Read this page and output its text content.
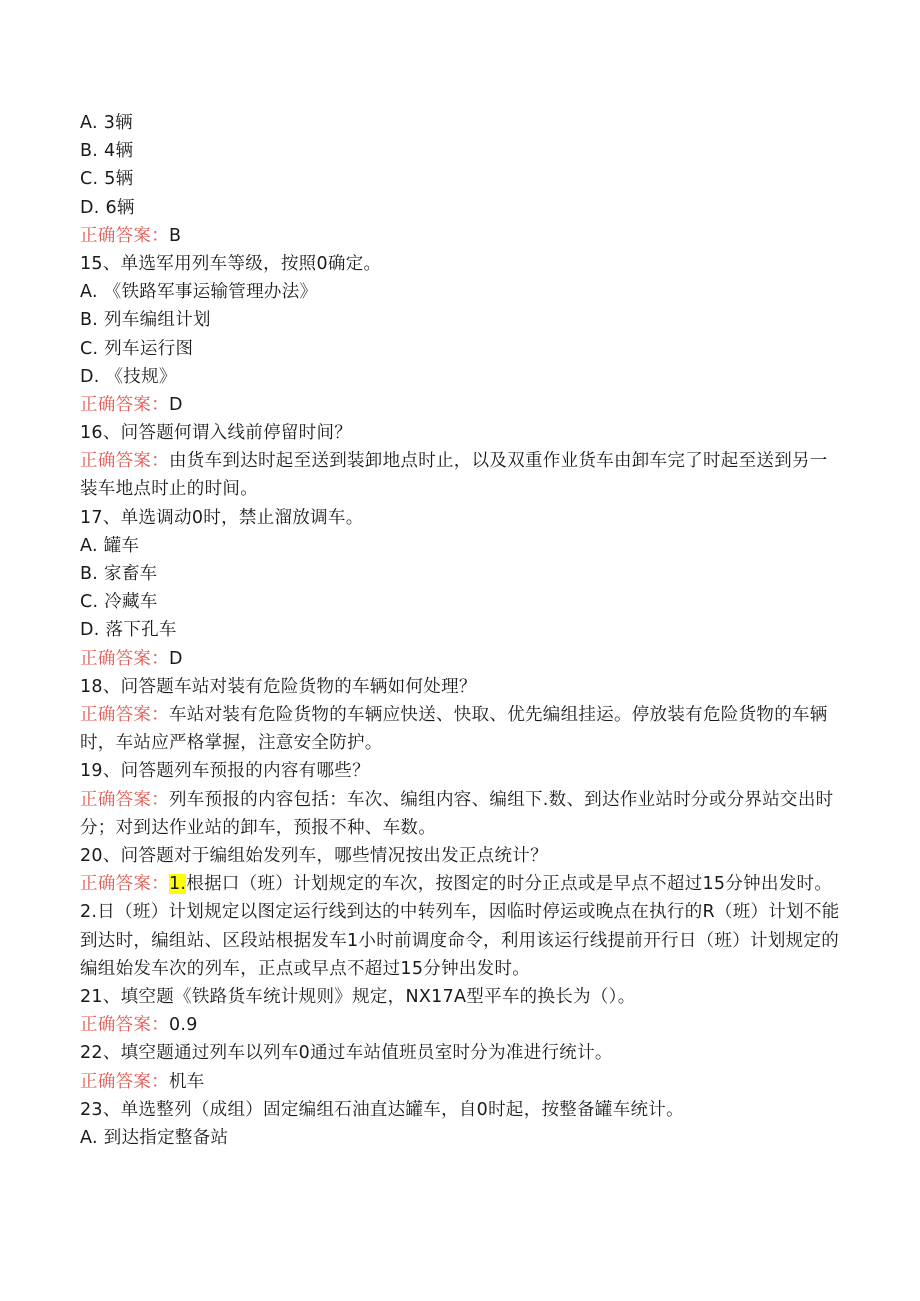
A. 3辆
B. 4辆
C. 5辆
D. 6辆
正确答案：B
15、单选军用列车等级，按照0确定。
A. 《铁路军事运输管理办法》
B. 列车编组计划
C. 列车运行图
D. 《技规》
正确答案：D
16、问答题何谓入线前停留时间？
正确答案：由货车到达时起至送到装卸地点时止，以及双重作业货车由卸车完了时起至送到另一装车地点时止的时间。
17、单选调动0时，禁止溜放调车。
A. 罐车
B. 家畜车
C. 冷藏车
D. 落下孔车
正确答案：D
18、问答题车站对装有危险货物的车辆如何处理？
正确答案：车站对装有危险货物的车辆应快送、快取、优先编组挂运。停放装有危险货物的车辆时，车站应严格掌握，注意安全防护。
19、问答题列车预报的内容有哪些？
正确答案：列车预报的内容包括：车次、编组内容、编组下.数、到达作业站时分或分界站交出时分；对到达作业站的卸车，预报不种、车数。
20、问答题对于编组始发列车，哪些情况按出发正点统计？
正确答案：1.根据口（班）计划规定的车次，按图定的时分正点或是早点不超过15分钟出发时。
2.日（班）计划规定以图定运行线到达的中转列车，因临时停运或晚点在执行的R（班）计划不能到达时，编组站、区段站根据发车1小时前调度命令，利用该运行线提前开行日（班）计划规定的编组始发车次的列车，正点或早点不超过15分钟出发时。
21、填空题《铁路货车统计规则》规定，NX17A型平车的换长为（）。
正确答案：0.9
22、填空题通过列车以列车0通过车站值班员室时分为准进行统计。
正确答案：机车
23、单选整列（成组）固定编组石油直达罐车，自0时起，按整备罐车统计。
A. 到达指定整备站
